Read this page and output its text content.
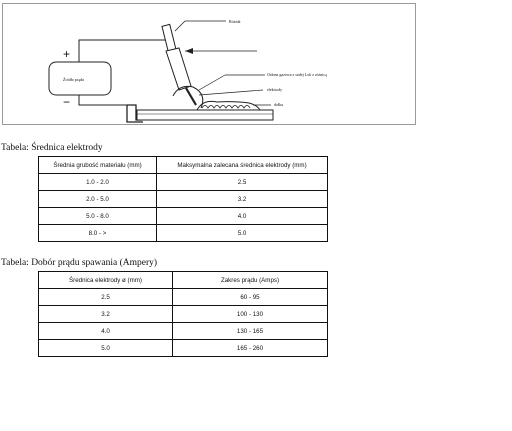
Źródło prądu
+
−
Różnik
Osłona gazowa z stałej Lok z różnicą
elektrody
dołku
Tabela: Średnica elektrody
Średnia grubość materiału (mm)	Maksymalna zalecana średnica elektrody (mm)
1.0 - 2.0	2.5
2.0 - 5.0	3.2
5.0 - 8.0	4.0
8.0 - >	5.0
Tabela: Dobór prądu spawania (Ampery)
Średnica elektrody ø (mm)	Zakres prądu (Amps)
2.5	60 - 95
3.2	100 - 130
4.0	130 - 165
5.0	165 - 260
